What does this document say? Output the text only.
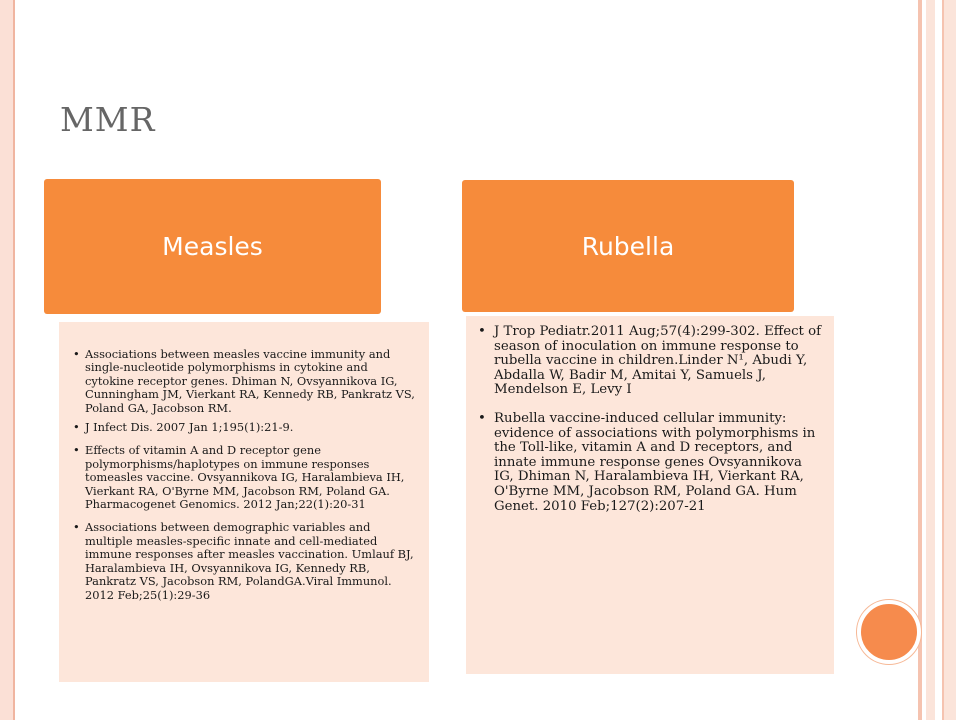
MMR
Measles	Rubella
• Associations between measles vaccine immunity and single-nucleotide polymorphisms in cytokine and cytokine receptor genes. Dhiman N, Ovsyannikova IG, Cunningham JM, Vierkant RA, Kennedy RB, Pankratz VS, Poland GA, Jacobson RM.
• J Infect Dis. 2007 Jan 1;195(1):21-9.
• Effects of vitamin A and D receptor gene polymorphisms/haplotypes on immune responses tomeasles vaccine. Ovsyannikova IG, Haralambieva IH, Vierkant RA, O'Byrne MM, Jacobson RM, Poland GA. Pharmacogenet Genomics. 2012 Jan;22(1):20-31
• Associations between demographic variables and multiple measles-specific innate and cell-mediated immune responses after measles vaccination. Umlauf BJ, Haralambieva IH, Ovsyannikova IG, Kennedy RB, Pankratz VS, Jacobson RM, PolandGA.Viral Immunol. 2012 Feb;25(1):29-36
• J Trop Pediatr.2011 Aug;57(4):299-302. Effect of season of inoculation on immune response to rubella vaccine in children.Linder N¹, Abudi Y, Abdalla W, Badir M, Amitai Y, Samuels J, Mendelson E, Levy I
• Rubella vaccine-induced cellular immunity: evidence of associations with polymorphisms in the Toll-like, vitamin A and D receptors, and innate immune response genes Ovsyannikova IG, Dhiman N, Haralambieva IH, Vierkant RA, O'Byrne MM, Jacobson RM, Poland GA. Hum Genet. 2010 Feb;127(2):207-21
